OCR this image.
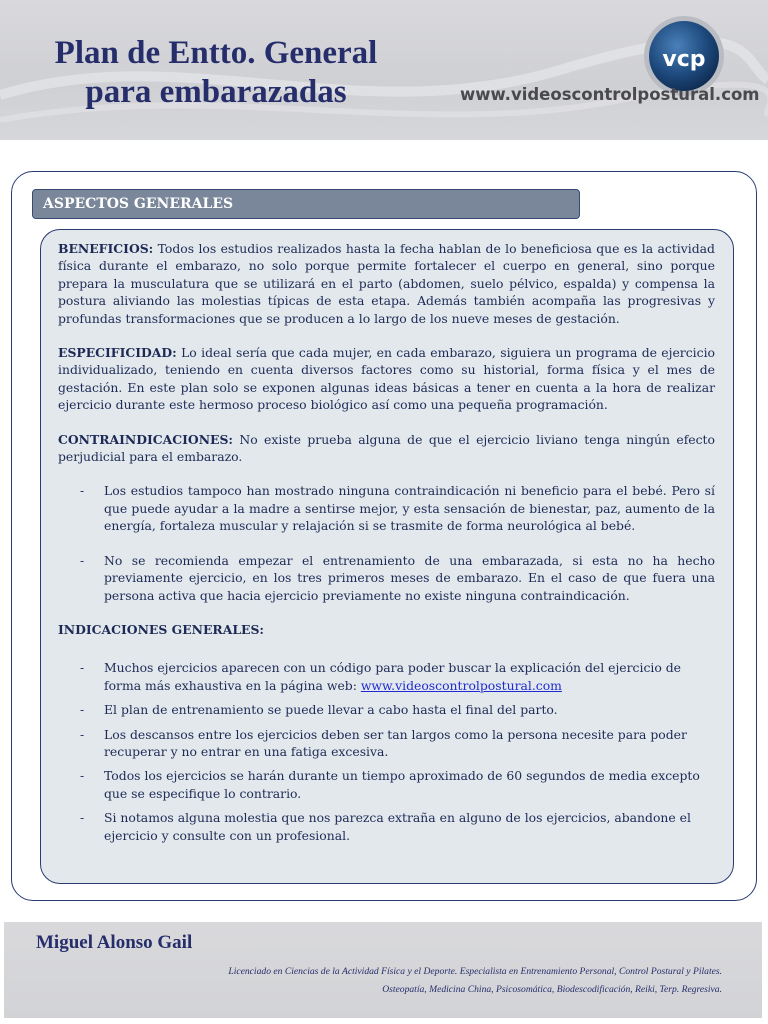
Plan de Entto. General
para embarazadas
vcp
www.videoscontrolpostural.com
ASPECTOS GENERALES

BENEFICIOS: Todos los estudios realizados hasta la fecha hablan de lo beneficiosa que es la actividad física durante el embarazo, no solo porque permite fortalecer el cuerpo en general, sino porque prepara la musculatura que se utilizará en el parto (abdomen, suelo pélvico, espalda) y compensa la postura aliviando las molestias típicas de esta etapa. Además también acompaña las progresivas y profundas transformaciones que se producen a lo largo de los nueve meses de gestación.

ESPECIFICIDAD: Lo ideal sería que cada mujer, en cada embarazo, siguiera un programa de ejercicio individualizado, teniendo en cuenta diversos factores como su historial, forma física y el mes de gestación. En este plan solo se exponen algunas ideas básicas a tener en cuenta a la hora de realizar ejercicio durante este hermoso proceso biológico así como una pequeña programación.

CONTRAINDICACIONES: No existe prueba alguna de que el ejercicio liviano tenga ningún efecto perjudicial para el embarazo.

- Los estudios tampoco han mostrado ninguna contraindicación ni beneficio para el bebé. Pero sí que puede ayudar a la madre a sentirse mejor, y esta sensación de bienestar, paz, aumento de la energía, fortaleza muscular y relajación si se trasmite de forma neurológica al bebé.
- No se recomienda empezar el entrenamiento de una embarazada, si esta no ha hecho previamente ejercicio, en los tres primeros meses de embarazo. En el caso de que fuera una persona activa que hacia ejercicio previamente no existe ninguna contraindicación.
INDICACIONES GENERALES:
- Muchos ejercicios aparecen con un código para poder buscar la explicación del ejercicio de forma más exhaustiva en la página web: www.videoscontrolpostural.com
- El plan de entrenamiento se puede llevar a cabo hasta el final del parto.
- Los descansos entre los ejercicios deben ser tan largos como la persona necesite para poder recuperar y no entrar en una fatiga excesiva.
- Todos los ejercicios se harán durante un tiempo aproximado de 60 segundos de media excepto que se especifique lo contrario.
- Si notamos alguna molestia que nos parezca extraña en alguno de los ejercicios, abandone el ejercicio y consulte con un profesional.
Miguel Alonso Gail
Licenciado en Ciencias de la Actividad Física y el Deporte. Especialista en Entrenamiento Personal, Control Postural y Pilates.
Osteopatía, Medicina China, Psicosomática, Biodescodificación, Reiki, Terp. Regresiva.
